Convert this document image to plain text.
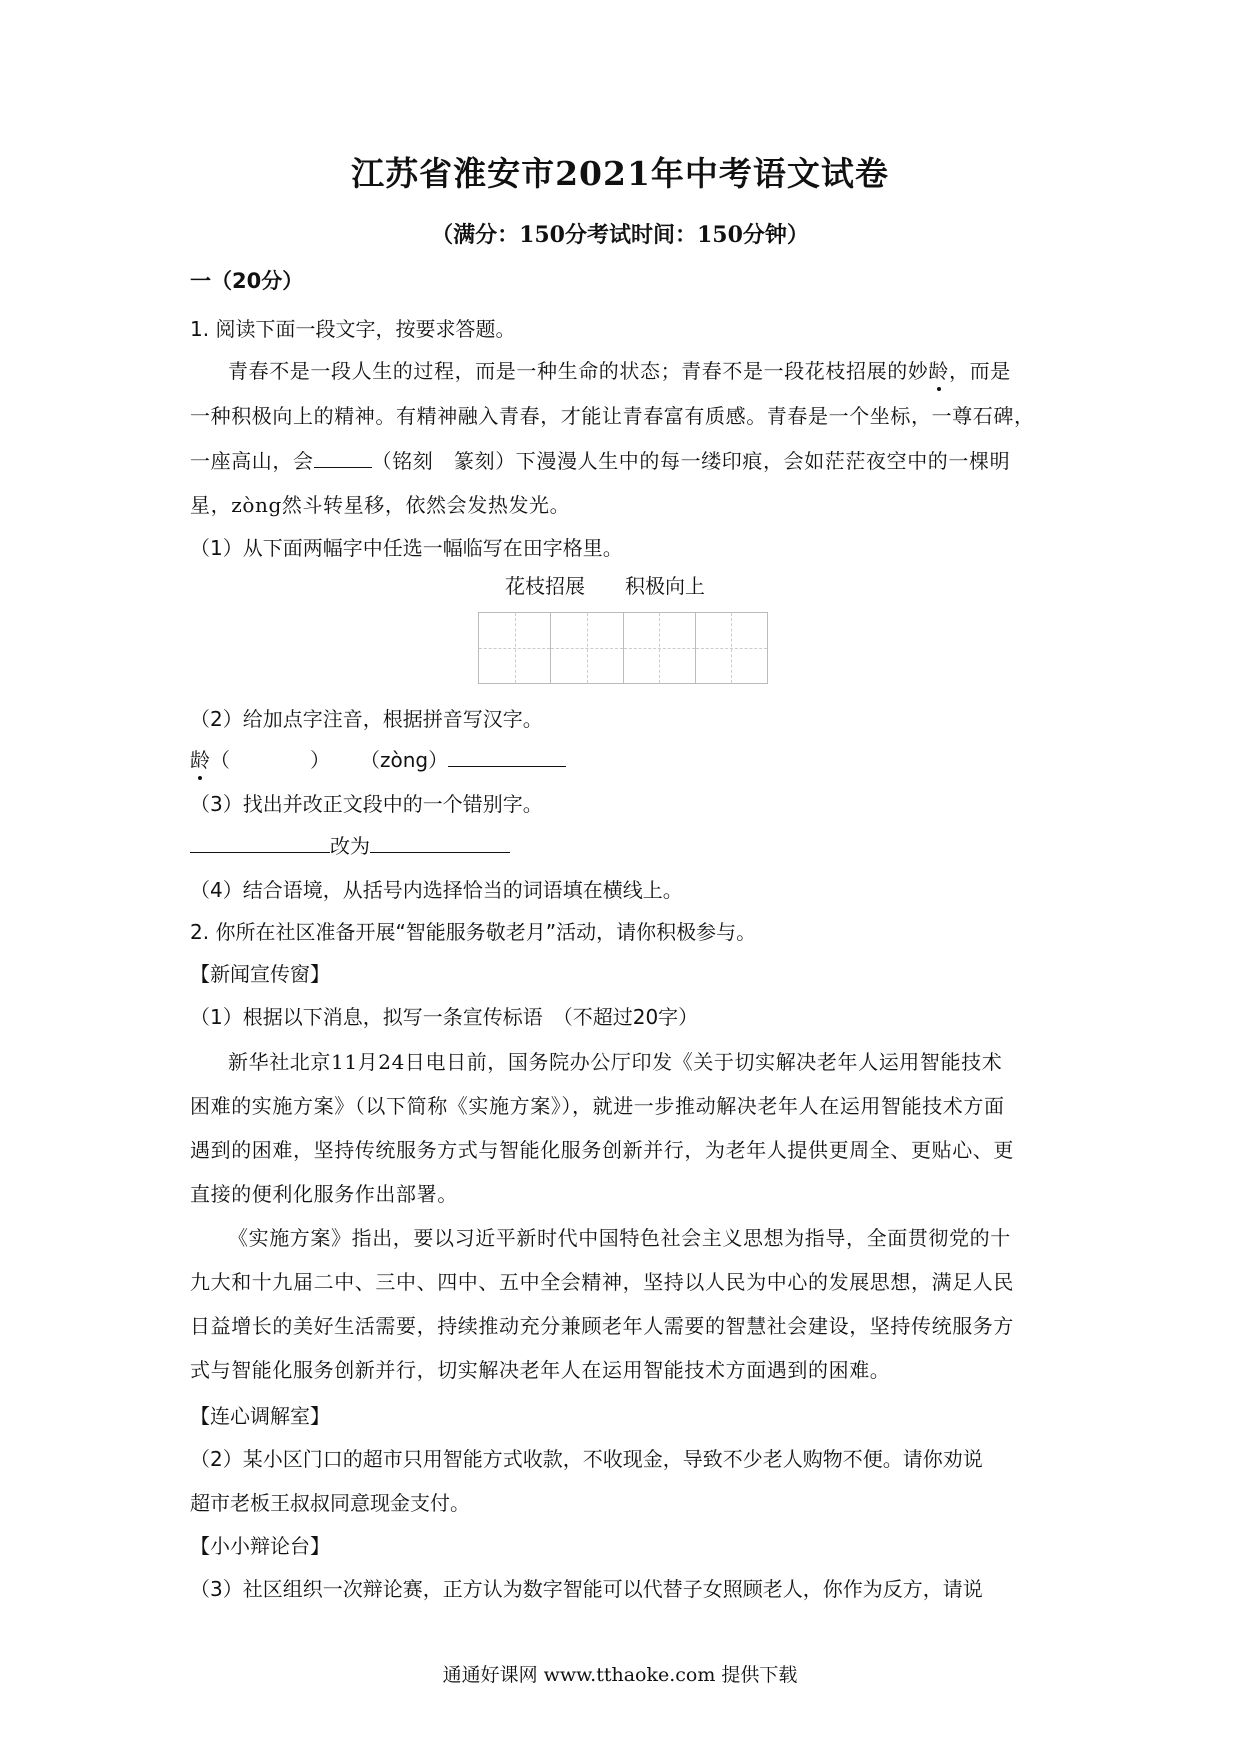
江苏省淮安市2021年中考语文试卷
（满分：150分考试时间：150分钟）
一（20分）
1. 阅读下面一段文字，按要求答题。
青春不是一段人生的过程，而是一种生命的状态；青春不是一段花枝招展的妙龄，而是
一种积极向上的精神。有精神融入青春，才能让青春富有质感。青春是一个坐标，一尊石碑，
一座高山，会	（铭刻　篆刻）下漫漫人生中的每一缕印痕，会如茫茫夜空中的一棵明
星，zòng然斗转星移，依然会发热发光。
（1）从下面两幅字中任选一幅临写在田字格里。
花枝招展　　积极向上
（2）给加点字注音，根据拼音写汉字。
龄（　　　　） （zòng）
（3）找出并改正文段中的一个错别字。
改为
（4）结合语境，从括号内选择恰当的词语填在横线上。
2. 你所在社区准备开展“智能服务敬老月”活动，请你积极参与。
【新闻宣传窗】
（1）根据以下消息，拟写一条宣传标语　（不超过20字）
新华社北京11月24日电日前，国务院办公厅印发《关于切实解决老年人运用智能技术
困难的实施方案》（以下简称《实施方案》），就进一步推动解决老年人在运用智能技术方面
遇到的困难，坚持传统服务方式与智能化服务创新并行，为老年人提供更周全、更贴心、更
直接的便利化服务作出部署。
《实施方案》指出，要以习近平新时代中国特色社会主义思想为指导，全面贯彻党的十
九大和十九届二中、三中、四中、五中全会精神，坚持以人民为中心的发展思想，满足人民
日益增长的美好生活需要，持续推动充分兼顾老年人需要的智慧社会建设，坚持传统服务方
式与智能化服务创新并行，切实解决老年人在运用智能技术方面遇到的困难。
【连心调解室】
（2）某小区门口的超市只用智能方式收款，不收现金，导致不少老人购物不便。请你劝说
超市老板王叔叔同意现金支付。
【小小辩论台】
（3）社区组织一次辩论赛，正方认为数字智能可以代替子女照顾老人，你作为反方，请说
通通好课网 www.tthaoke.com 提供下载
